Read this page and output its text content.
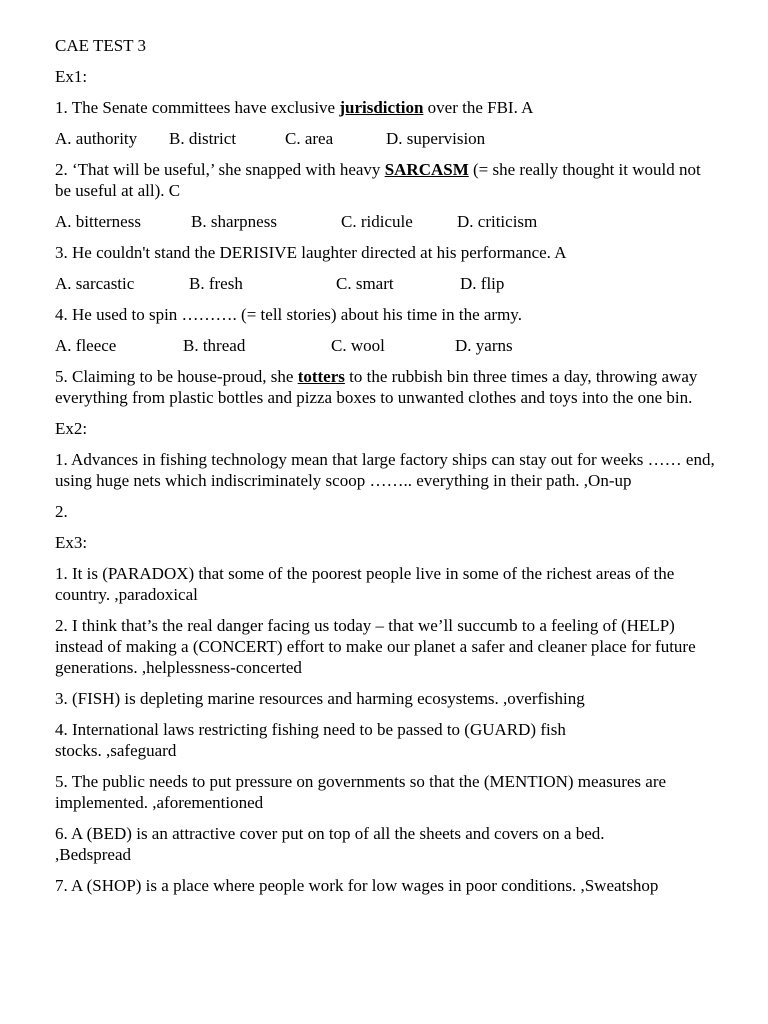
CAE TEST 3
Ex1:
1. The Senate committees have exclusive jurisdiction over the FBI. A
A. authority B. district	C. area	D. supervision
2. ‘That will be useful,’ she snapped with heavy SARCASM (= she really thought it would not be useful at all). C
A. bitterness	B. sharpness	C. ridicule	D. criticism
3. He couldn't stand the DERISIVE laughter directed at his performance. A
A. sarcastic	B. fresh	C. smart	D. flip
4. He used to spin ………. (= tell stories) about his time in the army.
A. fleece	B. thread	C. wool	D. yarns
5. Claiming to be house-proud, she totters to the rubbish bin three times a day, throwing away everything from plastic bottles and pizza boxes to unwanted clothes and toys into the one bin.
Ex2:
1. Advances in fishing technology mean that large factory ships can stay out for weeks …… end, using huge nets which indiscriminately scoop …….. everything in their path. ,On-up
2.
Ex3:
1. It is (PARADOX) that some of the poorest people live in some of the richest areas of the country. ,paradoxical
2. I think that’s the real danger facing us today – that we’ll succumb to a feeling of (HELP) instead of making a (CONCERT) effort to make our planet a safer and cleaner place for future generations. ,helplessness-concerted
3. (FISH) is depleting marine resources and harming ecosystems. ,overfishing
4. International laws restricting fishing need to be passed to (GUARD) fish stocks. ,safeguard
5. The public needs to put pressure on governments so that the (MENTION) measures are implemented. ,aforementioned
6. A (BED) is an attractive cover put on top of all the sheets and covers on a bed. ,Bedspread
7. A (SHOP) is a place where people work for low wages in poor conditions. ,Sweatshop
